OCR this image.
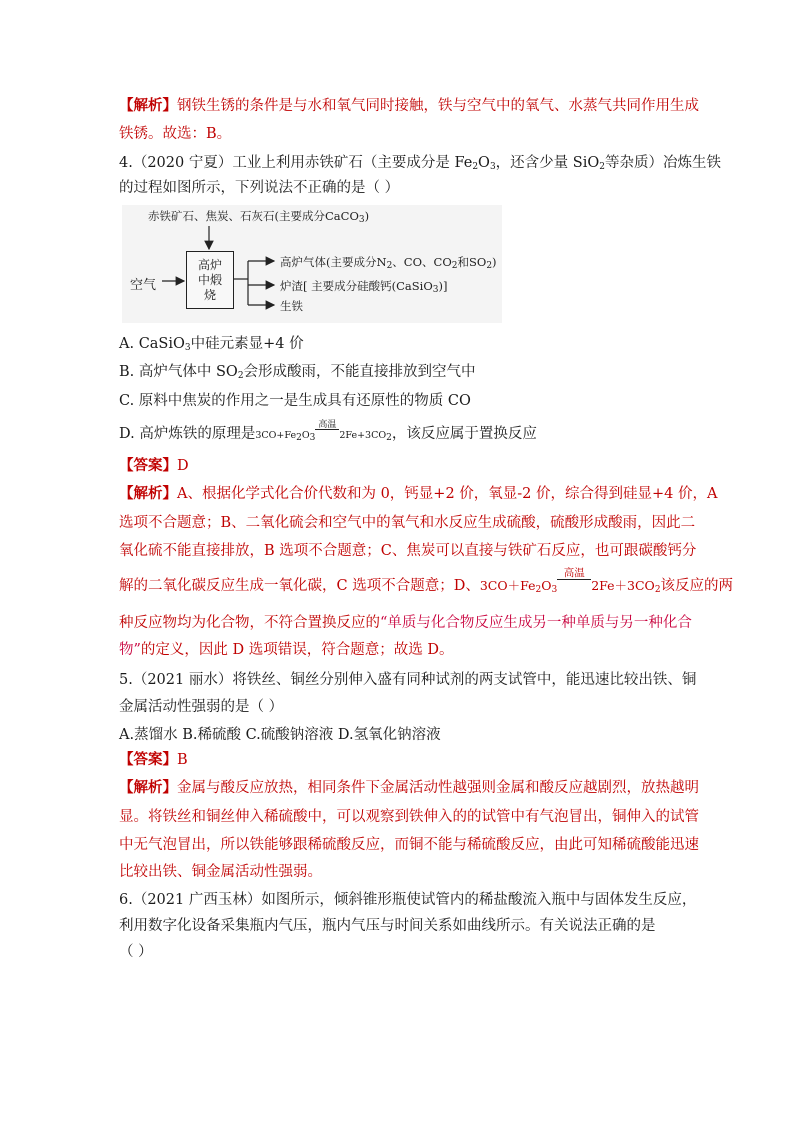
【解析】钢铁生锈的条件是与水和氧气同时接触，铁与空气中的氧气、水蒸气共同作用生成
铁锈。故选：B。
4.（2020 宁夏）工业上利用赤铁矿石（主要成分是 $Fe_2O_3$，还含少量 SiO$_2$等杂质）冶炼生铁
的过程如图所示，下列说法不正确的是（ ）
赤铁矿石、焦炭、石灰石(主要成分CaCO$_3$)
空气
高炉
中煅
烧
高炉气体(主要成分$N_2$、CO、$CO_2$和$SO_2$)
炉渣[ 主要成分硅酸钙(CaSiO$_3$)]
生铁
A. CaSiO$_3$中硅元素显+4 价
B. 高炉气体中 $SO_2$会形成酸雨，不能直接排放到空气中
C. 原料中焦炭的作用之一是生成具有还原性的物质 CO
D. 高炉炼铁的原理是$3CO+Fe_2O_3$
高温
$2Fe+3CO_2$，该反应属于置换反应
【答案】D
【解析】A、根据化学式化合价代数和为 0，钙显+2 价，氧显-2 价，综合得到硅显+4 价，A
选项不合题意；B、二氧化硫会和空气中的氧气和水反应生成硫酸，硫酸形成酸雨，因此二
氧化硫不能直接排放，B 选项不合题意；C、焦炭可以直接与铁矿石反应，也可跟碳酸钙分
解的二氧化碳反应生成一氧化碳，C 选项不合题意；D、$3CO+Fe_2O_3$
高温
$2Fe+3CO_2$该反应的两
种反应物均为化合物，不符合置换反应的“单质与化合物反应生成另一种单质与另一种化合
物”的定义，因此 D 选项错误，符合题意；故选 D。
5.（2021 丽水）将铁丝、铜丝分别伸入盛有同种试剂的两支试管中，能迅速比较出铁、铜
金属活动性强弱的是（ ）
A.蒸馏水 B.稀硫酸 C.硫酸钠溶液 D.氢氧化钠溶液
【答案】B
【解析】金属与酸反应放热，相同条件下金属活动性越强则金属和酸反应越剧烈，放热越明
显。将铁丝和铜丝伸入稀硫酸中，可以观察到铁伸入的的试管中有气泡冒出，铜伸入的试管
中无气泡冒出，所以铁能够跟稀硫酸反应，而铜不能与稀硫酸反应，由此可知稀硫酸能迅速
比较出铁、铜金属活动性强弱。
6.（2021 广西玉林）如图所示，倾斜锥形瓶使试管内的稀盐酸流入瓶中与固体发生反应，
利用数字化设备采集瓶内气压，瓶内气压与时间关系如曲线所示。有关说法正确的是
（ ）
